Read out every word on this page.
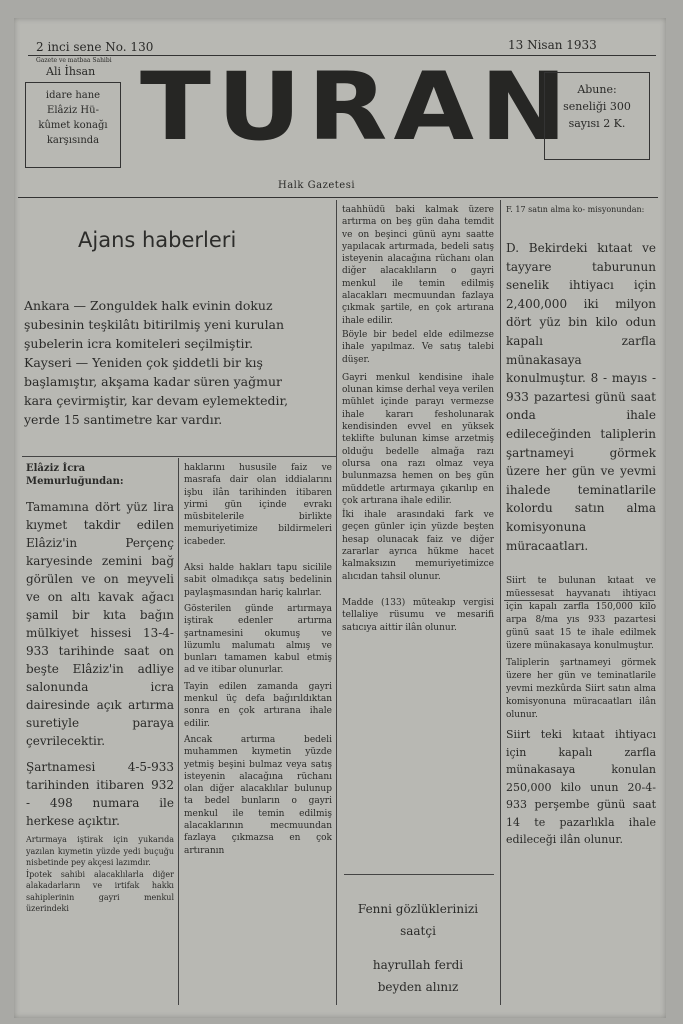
2 inci sene No. 130	13 Nisan 1933
Gazete ve matbaa Sahibi
Ali İhsan
idare hane
Elâziz Hü-
kûmet konağı
karşısında TURAN Abune:
seneliği 300
sayısı 2 K.
Halk Gazetesi
Ajans haberleri
Ankara — Zonguldek halk evinin dokuz
şubesinin teşkilâtı bitirilmiş yeni kurulan
şubelerin icra komiteleri seçilmiştir.
Kayseri — Yeniden çok şiddetli bir kış
başlamıştır, akşama kadar süren yağmur
kara çevirmiştir, kar devam eylemektedir,
yerde 15 santimetre kar vardır.

Elâziz İcra Memurluğundan:

Tamamına dört yüz lira kıymet takdir edilen Elâziz'in Perçenç karyesinde zemini bağ görülen ve on meyveli ve on altı kavak ağacı şamil bir kıta bağın mülkiyet hissesi 13-4-933 tarihinde saat on beşte Elâziz'in adliye salonunda icra dairesinde açık artırma suretiyle paraya çevrilecektir.

Şartnamesi 4-5-933 tarihinden itibaren 932 - 498 numara ile herkese açıktır.

Artırmaya iştirak için yukarıda yazılan kıymetin yüzde yedi buçuğu nisbetinde pey akçesi lazımdır.

İpotek sahibi alacaklılarla diğer alakadarların ve irtifak hakkı sahiplerinin gayri menkul üzerindeki

haklarını hususile faiz ve masrafa dair olan iddialarını işbu ilân tarihinden itibaren yirmi gün içinde evrakı müsbitelerile birlikte memuriyetimize bildirmeleri icabeder.

Aksi halde hakları tapu sicilile sabit olmadıkça satış bedelinin paylaşmasından hariç kalırlar.

Gösterilen günde artırmaya iştirak edenler artırma şartnamesini okumuş ve lüzumlu malumatı almış ve bunları tamamen kabul etmiş ad ve itibar olunurlar.

Tayin edilen zamanda gayri menkul üç defa bağırıldıktan sonra en çok artırana ihale edilir.

Ancak artırma bedeli muhammen kıymetin yüzde yetmiş beşini bulmaz veya satış isteyenin alacağına rüchanı olan diğer alacaklılar bulunup ta bedel bunların o gayri menkul ile temin edilmiş alacaklarının mecmuundan fazlaya çıkmazsa en çok artıranın

taahhüdü baki kalmak üzere artırma on beş gün daha temdit ve on beşinci günü aynı saatte yapılacak artırmada, bedeli satış isteyenin alacağına rüchanı olan diğer alacaklıların o gayri menkul ile temin edilmiş alacakları mecmuundan fazlaya çıkmak şartile, en çok artırana ihale edilir.

Böyle bir bedel elde edilmezse ihale yapılmaz. Ve satış talebi düşer.

Gayri menkul kendisine ihale olunan kimse derhal veya verilen mühlet içinde parayı vermezse ihale kararı fesholunarak kendisinden evvel en yüksek teklifte bulunan kimse arzetmiş olduğu bedelle almağa razı olursa ona razı olmaz veya bulunmazsa hemen on beş gün müddetle artırmaya çıkarılıp en çok artırana ihale edilir.

İki ihale arasındaki fark ve geçen günler için yüzde beşten hesap olunacak faiz ve diğer zararlar ayrıca hükme hacet kalmaksızın memuriyetimizce alıcıdan tahsil olunur.

Madde (133) müteakıp vergisi tellaliye rüsumu ve mesarifi satıcıya aittir ilân olunur.

Fenni gözlüklerinizi
saatçi
hayrullah ferdi
beyden alınız

F. 17 satın alma ko- misyonundan:

D. Bekirdeki kıtaat ve tayyare taburunun senelik ihtiyacı için 2,400,000 iki milyon dört yüz bin kilo odun kapalı zarfla münakasaya konulmuştur. 8 - mayıs - 933 pazartesi günü saat onda ihale edileceğinden taliplerin şartnameyi görmek üzere her gün ve yevmi ihalede teminatlarile kolordu satın alma komisyonuna müracaatları.

Siirt te bulunan kıtaat ve müessesat hayvanatı ihtiyacı için kapalı zarfla 150,000 kilo arpa 8/ma yıs 933 pazartesi günü saat 15 te ihale edilmek üzere münakasaya konulmuştur.

Taliplerin şartnameyi görmek üzere her gün ve teminatlarile yevmi mezkûrda Siirt satın alma komisyonuna müracaatları ilân olunur.

Siirt teki kıtaat ihtiyacı için kapalı zarfla münakasaya konulan 250,000 kilo unun 20-4-933 perşembe günü saat 14 te pazarlıkla ihale edileceği ilân olunur.
